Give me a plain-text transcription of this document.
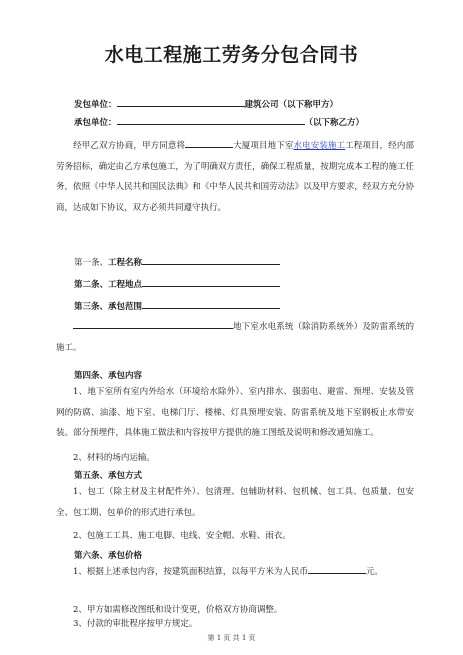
水电工程施工劳务分包合同书
发包单位：	建筑公司（以下称甲方）
承包单位：	（以下称乙方）
经甲乙双方协商，甲方同意将	大厦项目地下室水电安装施工工程项目，经内部劳务招标，确定由乙方承包施工，为了明确双方责任，确保工程质量，按期完成本工程的施工任务，依照《中华人民共和国民法典》和《中华人民共和国劳动法》以及甲方要求，经双方充分协商，达成如下协议，双方必须共同遵守执行。
第一条、工程名称
第二条、工程地点
第三条、承包范围
地下室水电系统（除消防系统外）及防雷系统的施工。
第四条、承包内容
1、地下室所有室内外给水（环境给水除外）、室内排水、强弱电、避雷、预埋、安装及管网的防腐、油漆、地下室、电梯门厅、楼梯、灯具预埋安装、防雷系统及地下室钢板止水带安装。部分预埋件，具体施工做法和内容按甲方提供的施工图纸及说明和修改通知施工。
2、材料的场内运输。
第五条、承包方式
1、包工（除主材及主材配件外）、包清理、包辅助材料、包机械、包工具、包质量、包安全、包工期、包单价的形式进行承包。
2、包施工工具、施工电脚、电线、安全帽、水鞋、雨衣。
第六条、承包价格
1、根据上述承包内容，按建筑面积结算，以每平方米为人民币	元。
2、甲方如需修改图纸和设计变更，价格双方协商调整。
3、付款的审批程序按甲方规定。
第 1 页 共 1 页
